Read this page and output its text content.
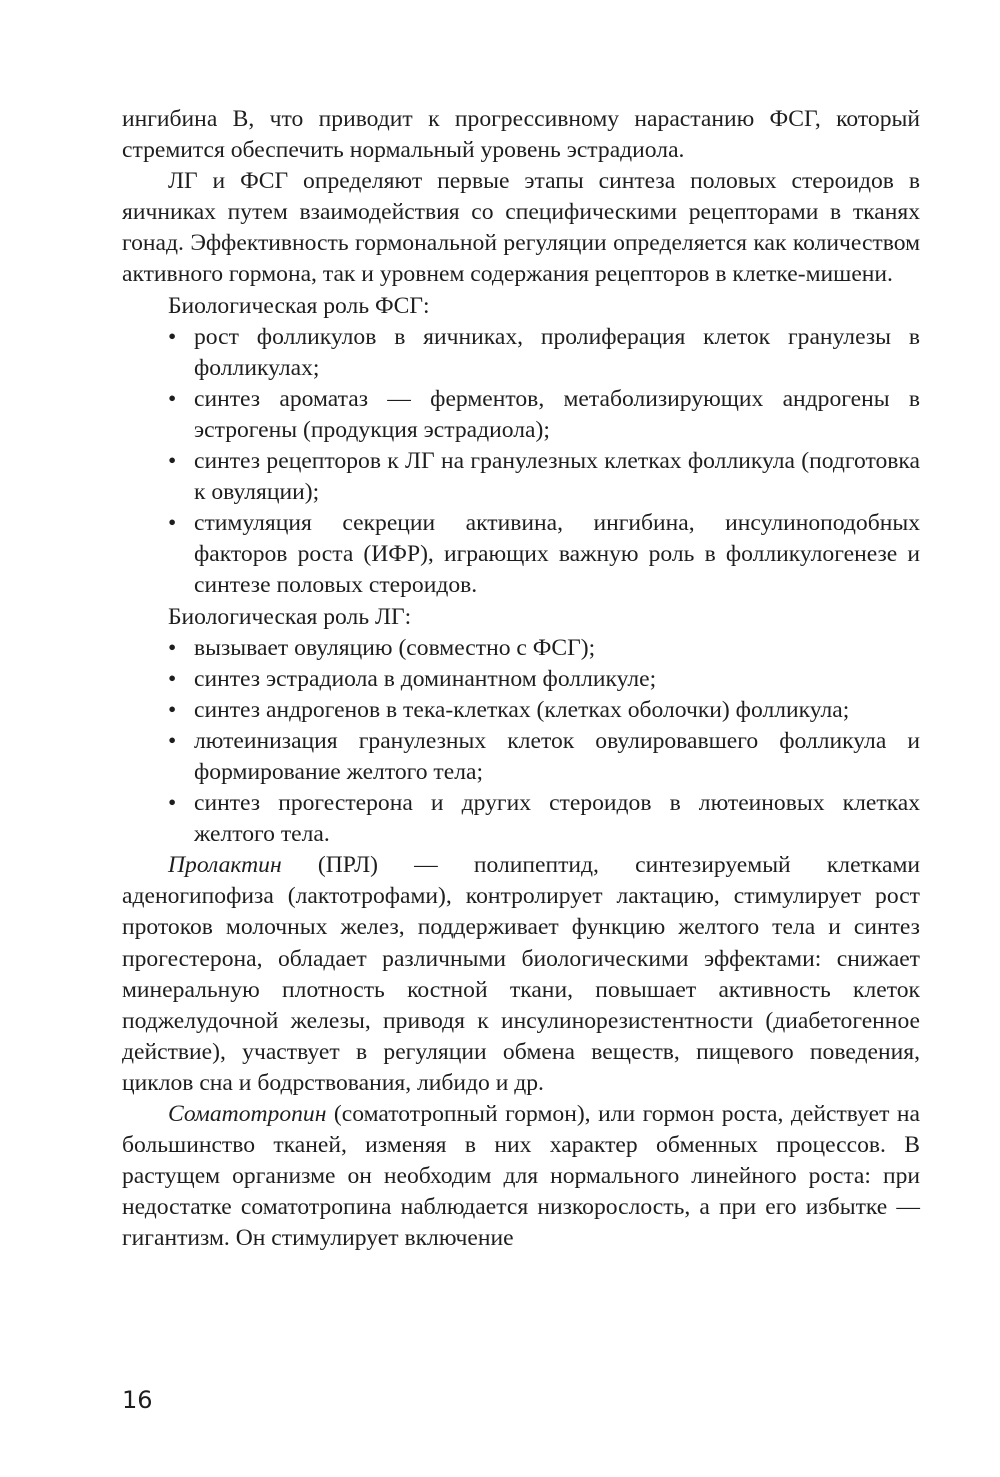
ингибина В, что приводит к прогрессивному нарастанию ФСГ, который стремится обеспечить нормальный уровень эстрадиола.

ЛГ и ФСГ определяют первые этапы синтеза половых стероидов в яичниках путем взаимодействия со специфическими рецепторами в тканях гонад. Эффективность гормональной регуляции определяется как количеством активного гормона, так и уровнем содержания рецепторов в клетке-мишени.

Биологическая роль ФСГ:

• рост фолликулов в яичниках, пролиферация клеток гранулезы в фолликулах;
• синтез ароматаз — ферментов, метаболизирующих андрогены в эстрогены (продукция эстрадиола);
• синтез рецепторов к ЛГ на гранулезных клетках фолликула (подготовка к овуляции);
• стимуляция секреции активина, ингибина, инсулиноподобных факторов роста (ИФР), играющих важную роль в фолликулогенезе и синтезе половых стероидов.

Биологическая роль ЛГ:

• вызывает овуляцию (совместно с ФСГ);
• синтез эстрадиола в доминантном фолликуле;
• синтез андрогенов в тека-клетках (клетках оболочки) фолликула;
• лютеинизация гранулезных клеток овулировавшего фолликула и формирование желтого тела;
• синтез прогестерона и других стероидов в лютеиновых клетках желтого тела.

Пролактин (ПРЛ) — полипептид, синтезируемый клетками аденогипофиза (лактотрофами), контролирует лактацию, стимулирует рост протоков молочных желез, поддерживает функцию желтого тела и синтез прогестерона, обладает различными биологическими эффектами: снижает минеральную плотность костной ткани, повышает активность клеток поджелудочной железы, приводя к инсулинорезистентности (диабетогенное действие), участвует в регуляции обмена веществ, пищевого поведения, циклов сна и бодрствования, либидо и др.

Соматотропин (соматотропный гормон), или гормон роста, действует на большинство тканей, изменяя в них характер обменных процессов. В растущем организме он необходим для нормального линейного роста: при недостатке соматотропина наблюдается низкорослость, а при его избытке — гигантизм. Он стимулирует включение

16
